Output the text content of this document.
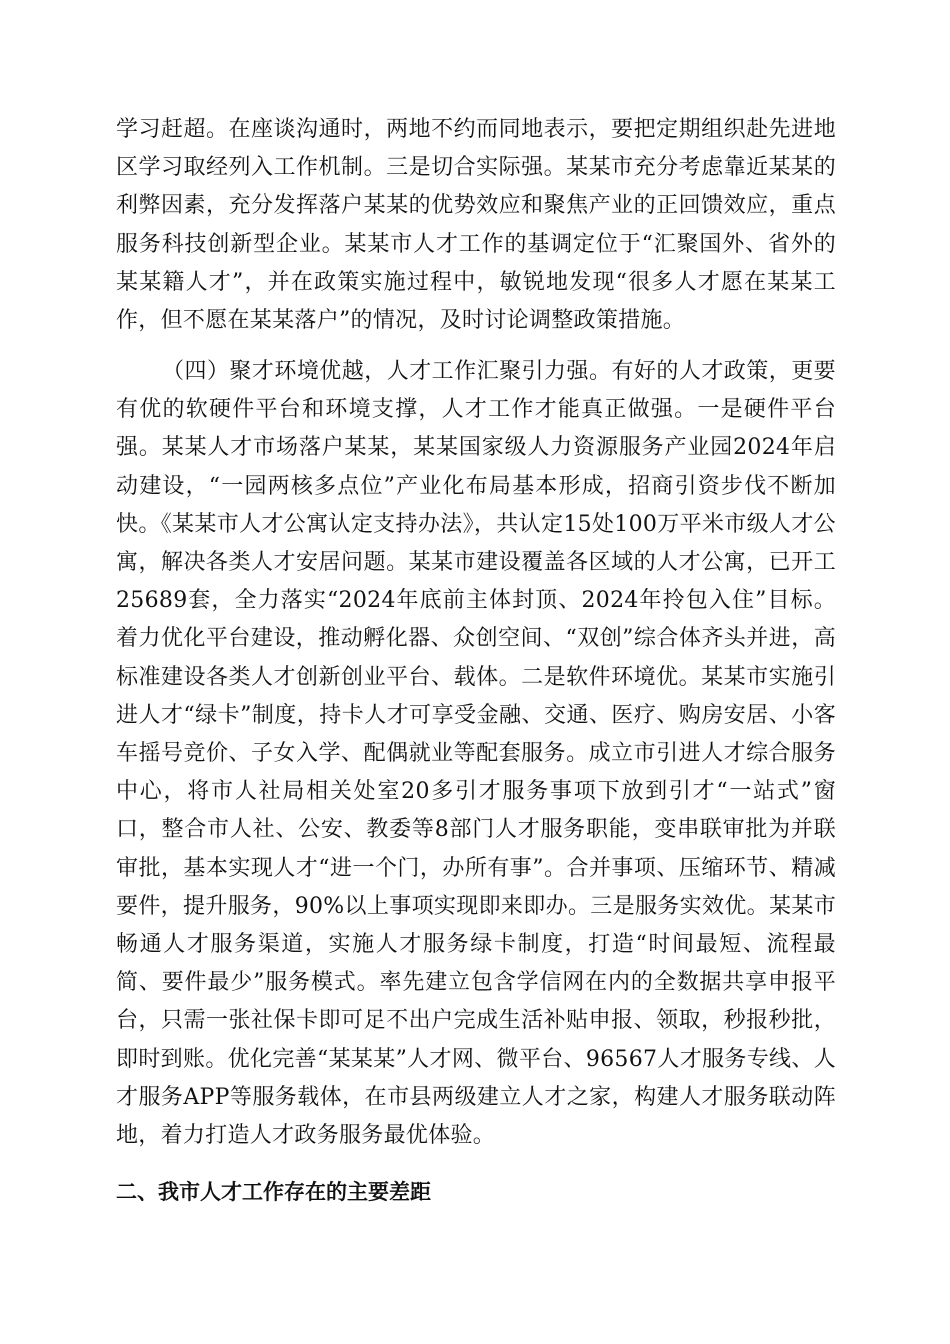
学习赶超。在座谈沟通时，两地不约而同地表示，要把定期组织赴先进地区学习取经列入工作机制。三是切合实际强。某某市充分考虑靠近某某的利弊因素，充分发挥落户某某的优势效应和聚焦产业的正回馈效应，重点服务科技创新型企业。某某市人才工作的基调定位于“汇聚国外、省外的某某籍人才”，并在政策实施过程中，敏锐地发现“很多人才愿在某某工作，但不愿在某某落户”的情况，及时讨论调整政策措施。
（四）聚才环境优越，人才工作汇聚引力强。有好的人才政策，更要有优的软硬件平台和环境支撑，人才工作才能真正做强。一是硬件平台强。某某人才市场落户某某，某某国家级人力资源服务产业园2024年启动建设，“一园两核多点位”产业化布局基本形成，招商引资步伐不断加快。《某某市人才公寓认定支持办法》，共认定15处100万平米市级人才公寓，解决各类人才安居问题。某某市建设覆盖各区域的人才公寓，已开工25689套，全力落实“2024年底前主体封顶、2024年拎包入住”目标。着力优化平台建设，推动孵化器、众创空间、“双创”综合体齐头并进，高标准建设各类人才创新创业平台、载体。二是软件环境优。某某市实施引进人才“绿卡”制度，持卡人才可享受金融、交通、医疗、购房安居、小客车摇号竞价、子女入学、配偶就业等配套服务。成立市引进人才综合服务中心，将市人社局相关处室20多引才服务事项下放到引才“一站式”窗口，整合市人社、公安、教委等8部门人才服务职能，变串联审批为并联审批，基本实现人才“进一个门，办所有事”。合并事项、压缩环节、精减要件，提升服务，90%以上事项实现即来即办。三是服务实效优。某某市畅通人才服务渠道，实施人才服务绿卡制度，打造“时间最短、流程最简、要件最少”服务模式。率先建立包含学信网在内的全数据共享申报平台，只需一张社保卡即可足不出户完成生活补贴申报、领取，秒报秒批，即时到账。优化完善“某某某”人才网、微平台、96567人才服务专线、人才服务APP等服务载体，在市县两级建立人才之家，构建人才服务联动阵地，着力打造人才政务服务最优体验。
二、我市人才工作存在的主要差距
